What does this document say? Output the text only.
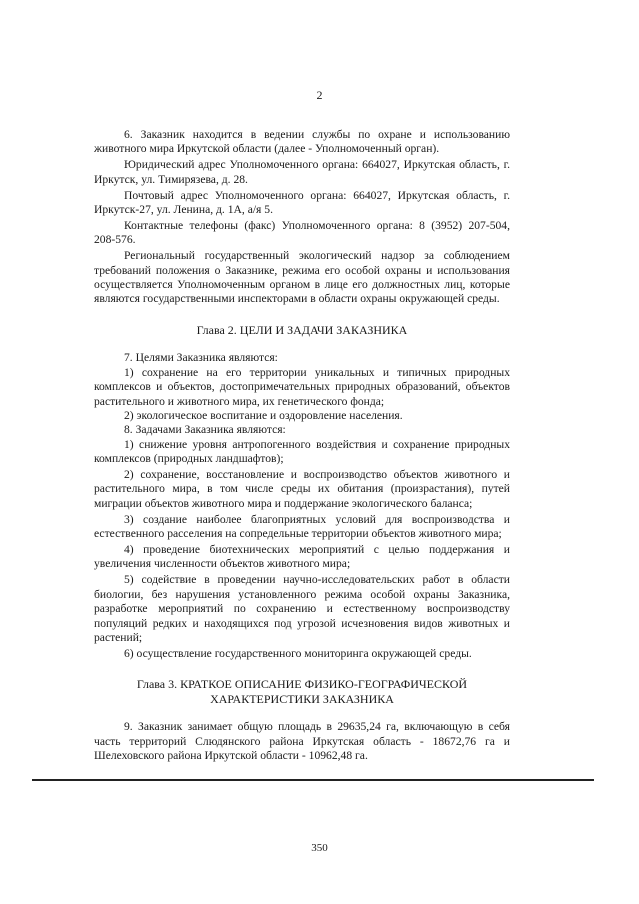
2

6. Заказник находится в ведении службы по охране и использованию животного мира Иркутской области (далее - Уполномоченный орган).

Юридический адрес Уполномоченного органа: 664027, Иркутская область, г. Иркутск, ул. Тимирязева, д. 28.

Почтовый адрес Уполномоченного органа: 664027, Иркутская область, г. Иркутск-27, ул. Ленина, д. 1А, а/я 5.

Контактные телефоны (факс) Уполномоченного органа: 8 (3952) 207-504, 208-576.

Региональный государственный экологический надзор за соблюдением требований положения о Заказнике, режима его особой охраны и использования осуществляется Уполномоченным органом в лице его должностных лиц, которые являются государственными инспекторами в области охраны окружающей среды.

Глава 2. ЦЕЛИ И ЗАДАЧИ ЗАКАЗНИКА

7. Целями Заказника являются:

1) сохранение на его территории уникальных и типичных природных комплексов и объектов, достопримечательных природных образований, объектов растительного и животного мира, их генетического фонда;

2) экологическое воспитание и оздоровление населения.

8. Задачами Заказника являются:

1) снижение уровня антропогенного воздействия и сохранение природных комплексов (природных ландшафтов);

2) сохранение, восстановление и воспроизводство объектов животного и растительного мира, в том числе среды их обитания (произрастания), путей миграции объектов животного мира и поддержание экологического баланса;

3) создание наиболее благоприятных условий для воспроизводства и естественного расселения на сопредельные территории объектов животного мира;

4) проведение биотехнических мероприятий с целью поддержания и увеличения численности объектов животного мира;

5) содействие в проведении научно-исследовательских работ в области биологии, без нарушения установленного режима особой охраны Заказника, разработке мероприятий по сохранению и естественному воспроизводству популяций редких и находящихся под угрозой исчезновения видов животных и растений;

6) осуществление государственного мониторинга окружающей среды.

Глава 3. КРАТКОЕ ОПИСАНИЕ ФИЗИКО-ГЕОГРАФИЧЕСКОЙ
ХАРАКТЕРИСТИКИ ЗАКАЗНИКА

9. Заказник занимает общую площадь в 29635,24 га, включающую в себя часть территорий Слюдянского района Иркутская область - 18672,76 га и Шелеховского района Иркутской области - 10962,48 га.

350
